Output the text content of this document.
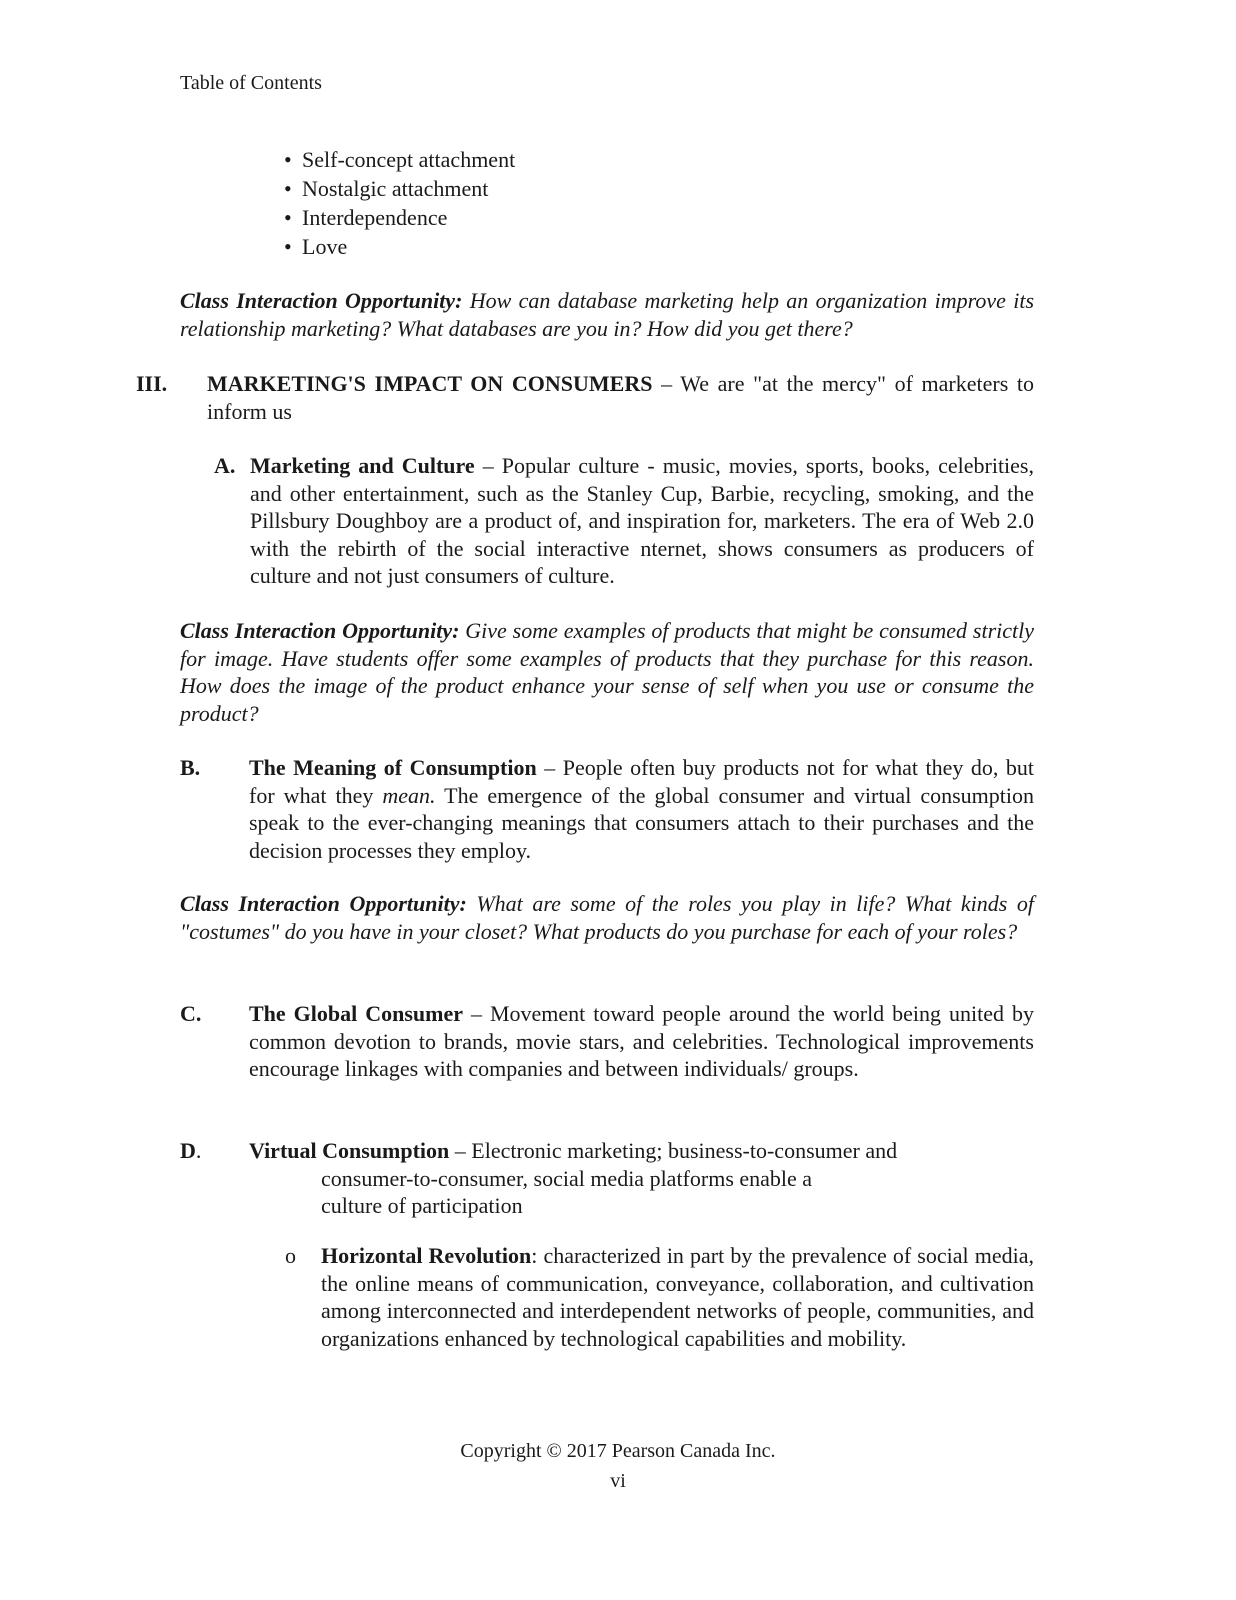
Table of Contents
• Self-concept attachment
• Nostalgic attachment
• Interdependence
• Love
Class Interaction Opportunity: How can database marketing help an organization improve its relationship marketing? What databases are you in? How did you get there?
III. MARKETING'S IMPACT ON CONSUMERS – We are "at the mercy" of marketers to inform us
A. Marketing and Culture – Popular culture - music, movies, sports, books, celebrities, and other entertainment, such as the Stanley Cup, Barbie, recycling, smoking, and the Pillsbury Doughboy are a product of, and inspiration for, marketers. The era of Web 2.0 with the rebirth of the social interactive nternet, shows consumers as producers of culture and not just consumers of culture.
Class Interaction Opportunity: Give some examples of products that might be consumed strictly for image. Have students offer some examples of products that they purchase for this reason. How does the image of the product enhance your sense of self when you use or consume the product?
B. The Meaning of Consumption – People often buy products not for what they do, but for what they mean. The emergence of the global consumer and virtual consumption speak to the ever-changing meanings that consumers attach to their purchases and the decision processes they employ.
Class Interaction Opportunity: What are some of the roles you play in life? What kinds of "costumes" do you have in your closet? What products do you purchase for each of your roles?
C. The Global Consumer – Movement toward people around the world being united by common devotion to brands, movie stars, and celebrities. Technological improvements encourage linkages with companies and between individuals/ groups.
D. Virtual Consumption – Electronic marketing; business-to-consumer and
consumer-to-consumer, social media platforms enable a
culture of participation
o Horizontal Revolution: characterized in part by the prevalence of social media, the online means of communication, conveyance, collaboration, and cultivation among interconnected and interdependent networks of people, communities, and organizations enhanced by technological capabilities and mobility.
Copyright © 2017 Pearson Canada Inc.
vi
